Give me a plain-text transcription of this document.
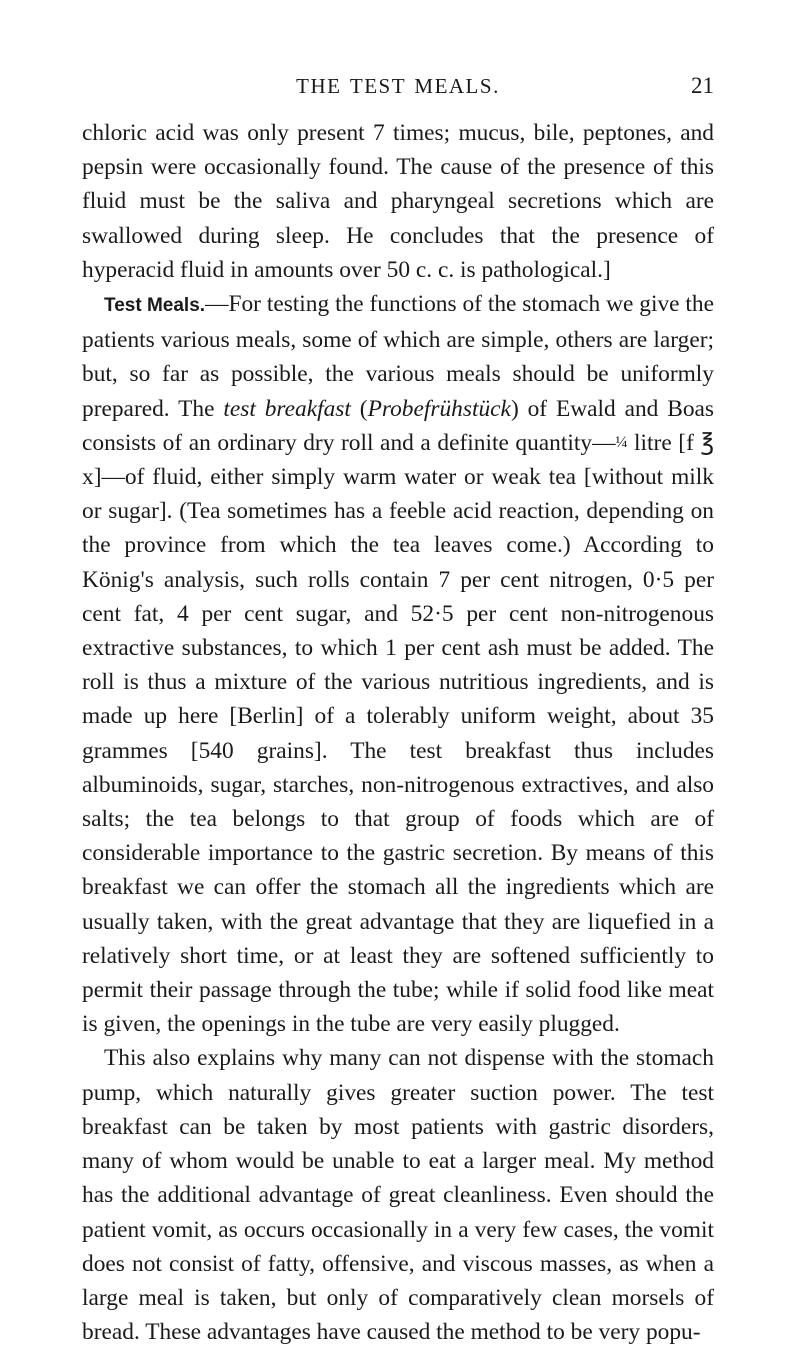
THE TEST MEALS.	21

chloric acid was only present 7 times; mucus, bile, peptones, and pepsin were occasionally found. The cause of the presence of this fluid must be the saliva and pharyngeal secretions which are swallowed during sleep. He concludes that the presence of hyperacid fluid in amounts over 50 c. c. is pathological.]

Test Meals.—For testing the functions of the stomach we give the patients various meals, some of which are simple, others are larger; but, so far as possible, the various meals should be uniformly prepared. The test breakfast (Probefrühstück) of Ewald and Boas consists of an ordinary dry roll and a definite quantity—¼ litre [f ℥ x]—of fluid, either simply warm water or weak tea [without milk or sugar]. (Tea sometimes has a feeble acid reaction, depending on the province from which the tea leaves come.) According to König's analysis, such rolls contain 7 per cent nitrogen, 0·5 per cent fat, 4 per cent sugar, and 52·5 per cent non-nitrogenous extractive substances, to which 1 per cent ash must be added. The roll is thus a mixture of the various nutritious ingredients, and is made up here [Berlin] of a tolerably uniform weight, about 35 grammes [540 grains]. The test breakfast thus includes albuminoids, sugar, starches, non-nitrogenous extractives, and also salts; the tea belongs to that group of foods which are of considerable importance to the gastric secretion. By means of this breakfast we can offer the stomach all the ingredients which are usually taken, with the great advantage that they are liquefied in a relatively short time, or at least they are softened sufficiently to permit their passage through the tube; while if solid food like meat is given, the openings in the tube are very easily plugged.

This also explains why many can not dispense with the stomach pump, which naturally gives greater suction power. The test breakfast can be taken by most patients with gastric disorders, many of whom would be unable to eat a larger meal. My method has the additional advantage of great cleanliness. Even should the patient vomit, as occurs occasionally in a very few cases, the vomit does not consist of fatty, offensive, and viscous masses, as when a large meal is taken, but only of comparatively clean morsels of bread. These advantages have caused the method to be very popu-
